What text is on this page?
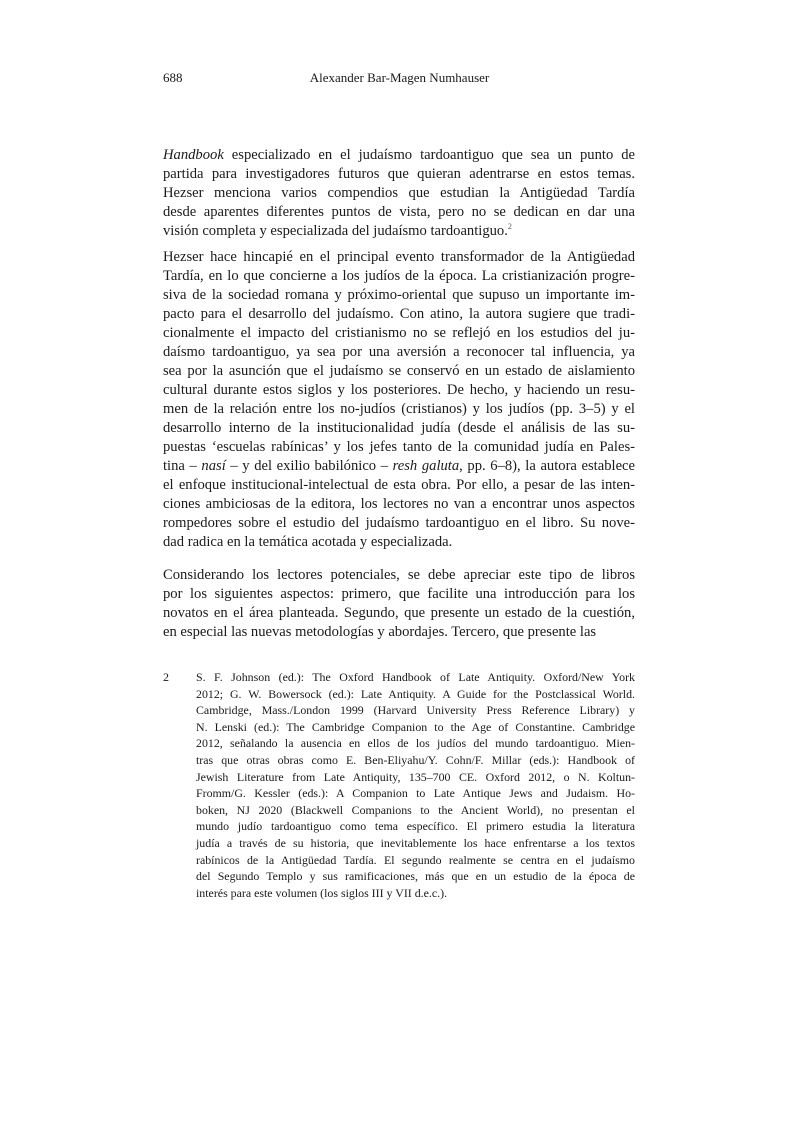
688	Alexander Bar-Magen Numhauser
Handbook especializado en el judaísmo tardoantiguo que sea un punto de
partida para investigadores futuros que quieran adentrarse en estos temas.
Hezser menciona varios compendios que estudian la Antigüedad Tardía
desde aparentes diferentes puntos de vista, pero no se dedican en dar una
visión completa y especializada del judaísmo tardoantiguo.$^2$
Hezser hace hincapié en el principal evento transformador de la Antigüedad
Tardía, en lo que concierne a los judíos de la época. La cristianización progre-
siva de la sociedad romana y próximo-oriental que supuso un importante im-
pacto para el desarrollo del judaísmo. Con atino, la autora sugiere que tradi-
cionalmente el impacto del cristianismo no se reflejó en los estudios del ju-
daísmo tardoantiguo, ya sea por una aversión a reconocer tal influencia, ya
sea por la asunción que el judaísmo se conservó en un estado de aislamiento
cultural durante estos siglos y los posteriores. De hecho, y haciendo un resu-
men de la relación entre los no-judíos (cristianos) y los judíos (pp. 3–5) y el
desarrollo interno de la institucionalidad judía (desde el análisis de las su-
puestas ‘escuelas rabínicas’ y los jefes tanto de la comunidad judía en Pales-
tina – nasí – y del exilio babilónico – resh galuta, pp. 6–8), la autora establece
el enfoque institucional-intelectual de esta obra. Por ello, a pesar de las inten-
ciones ambiciosas de la editora, los lectores no van a encontrar unos aspectos
rompedores sobre el estudio del judaísmo tardoantiguo en el libro. Su nove-
dad radica en la temática acotada y especializada.
Considerando los lectores potenciales, se debe apreciar este tipo de libros
por los siguientes aspectos: primero, que facilite una introducción para los
novatos en el área planteada. Segundo, que presente un estado de la cuestión,
en especial las nuevas metodologías y abordajes. Tercero, que presente las
2 S. F. Johnson (ed.): The Oxford Handbook of Late Antiquity. Oxford/New York
2012; G. W. Bowersock (ed.): Late Antiquity. A Guide for the Postclassical World.
Cambridge, Mass./London 1999 (Harvard University Press Reference Library) y
N. Lenski (ed.): The Cambridge Companion to the Age of Constantine. Cambridge
2012, señalando la ausencia en ellos de los judíos del mundo tardoantiguo. Mien-
tras que otras obras como E. Ben-Eliyahu/Y. Cohn/F. Millar (eds.): Handbook of
Jewish Literature from Late Antiquity, 135–700 CE. Oxford 2012, o N. Koltun-
Fromm/G. Kessler (eds.): A Companion to Late Antique Jews and Judaism. Ho-
boken, NJ 2020 (Blackwell Companions to the Ancient World), no presentan el
mundo judío tardoantiguo como tema específico. El primero estudia la literatura
judía a través de su historia, que inevitablemente los hace enfrentarse a los textos
rabínicos de la Antigüedad Tardía. El segundo realmente se centra en el judaísmo
del Segundo Templo y sus ramificaciones, más que en un estudio de la época de
interés para este volumen (los siglos III y VII d.e.c.).
